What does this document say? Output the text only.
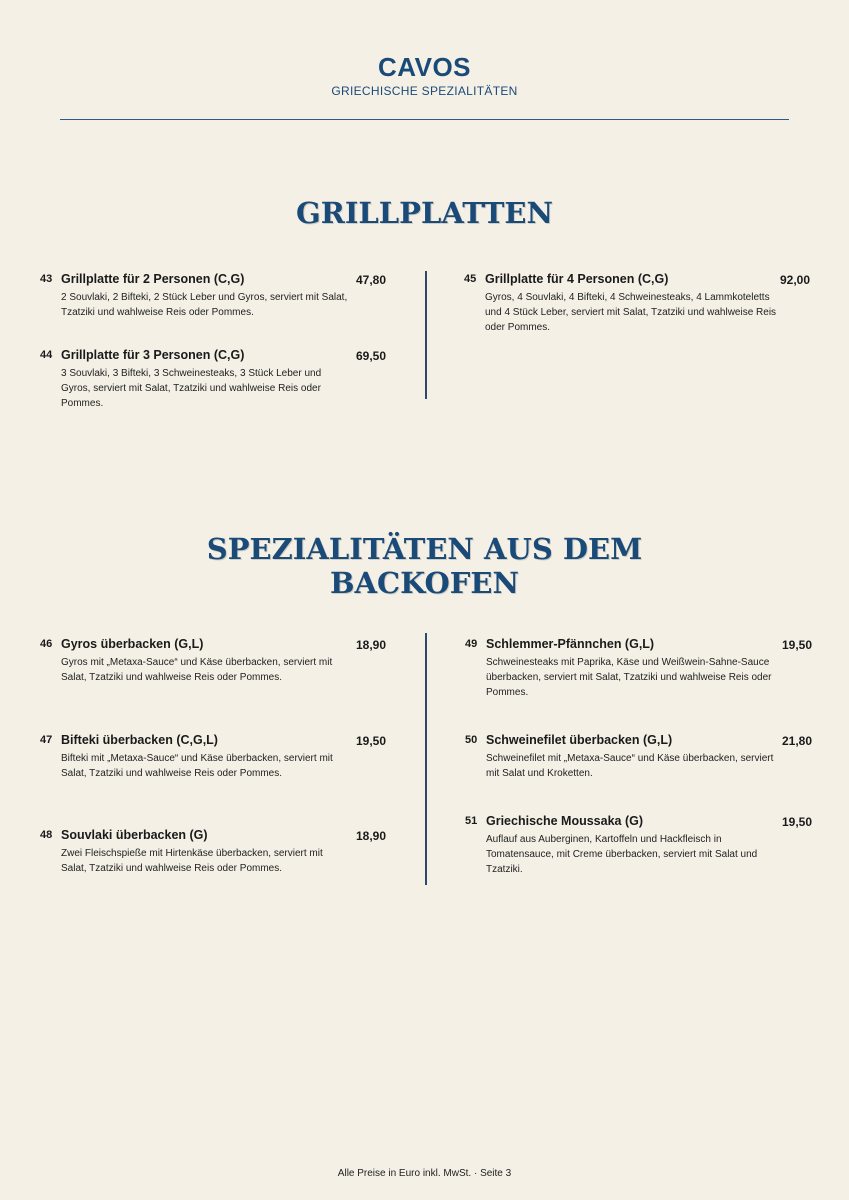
CAVOS
GRIECHISCHE SPEZIALITÄTEN
GRILLPLATTEN
43 Grillplatte für 2 Personen (C,G)	47,80
2 Souvlaki, 2 Bifteki, 2 Stück Leber und Gyros, serviert mit Salat, Tzatziki und wahlweise Reis oder Pommes.
44 Grillplatte für 3 Personen (C,G)	69,50
3 Souvlaki, 3 Bifteki, 3 Schweinesteaks, 3 Stück Leber und Gyros, serviert mit Salat, Tzatziki und wahlweise Reis oder Pommes.
45 Grillplatte für 4 Personen (C,G)	92,00
Gyros, 4 Souvlaki, 4 Bifteki, 4 Schweinesteaks, 4 Lammkoteletts und 4 Stück Leber, serviert mit Salat, Tzatziki und wahlweise Reis oder Pommes.
SPEZIALITÄTEN AUS DEM
BACKOFEN
46 Gyros überbacken (G,L)	18,90
Gyros mit „Metaxa-Sauce“ und Käse überbacken, serviert mit Salat, Tzatziki und wahlweise Reis oder Pommes.
47 Bifteki überbacken (C,G,L)	19,50
Bifteki mit „Metaxa-Sauce“ und Käse überbacken, serviert mit Salat, Tzatziki und wahlweise Reis oder Pommes.
48 Souvlaki überbacken (G)	18,90
Zwei Fleischspieße mit Hirtenkäse überbacken, serviert mit Salat, Tzatziki und wahlweise Reis oder Pommes.
49 Schlemmer-Pfännchen (G,L)	19,50
Schweinesteaks mit Paprika, Käse und Weißwein-Sahne-Sauce überbacken, serviert mit Salat, Tzatziki und wahlweise Reis oder Pommes.
50 Schweinefilet überbacken (G,L)	21,80
Schweinefilet mit „Metaxa-Sauce“ und Käse überbacken, serviert mit Salat und Kroketten.
51 Griechische Moussaka (G)	19,50
Auflauf aus Auberginen, Kartoffeln und Hackfleisch in Tomatensauce, mit Creme überbacken, serviert mit Salat und Tzatziki.
Alle Preise in Euro inkl. MwSt. · Seite 3
